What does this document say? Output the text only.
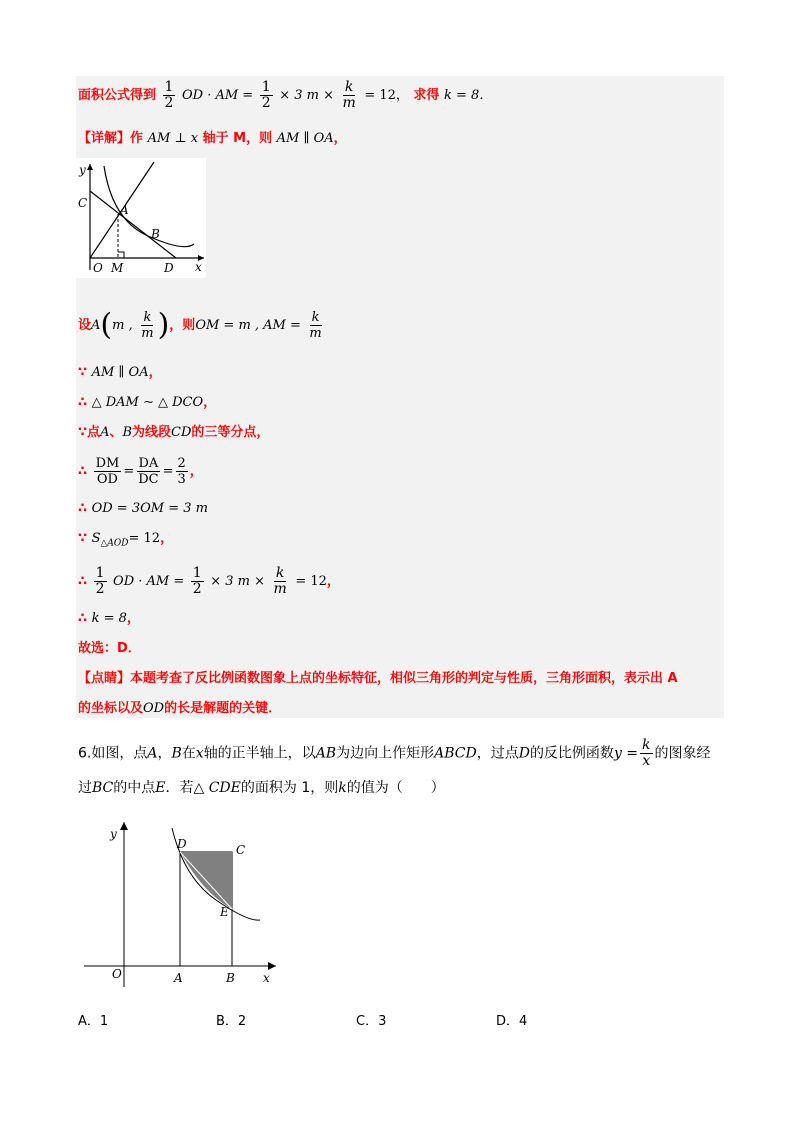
面积公式得到 $\frac{1}{2}$ OD · AM = $\frac{1}{2} \times 3$ $m \times \frac{k}{m} = 12$， 求得 k = 8．
【详解】作 AM ⊥ x 轴于 M，则 AM ∥ OA，
y
C	A
B
O M	D x
设A(m , $\frac{k}{m}$ )，则OM = m , AM = $\frac{k}{m}$
∵ AM ∥ OA，
∴ △ DAM ∼ △ DCO，
∵点A、B为线段CD的三等分点，
∴ $\frac{DM}{OD} = \frac{DA}{DC} = \frac{2}{3}$ ，
∴ OD = 3OM = 3 m
∵ $S_{\triangle AOD}= 12$，
∴ $\frac{1}{2}$ OD · AM = $\frac{1}{2} \times 3$ $m \times \frac{k}{m} = 12$，
∴ k = 8，
故选：D．
【点睛】本题考查了反比例函数图象上点的坐标特征，相似三角形的判定与性质，三角形面积，表示出 A
的坐标以及OD的长是解题的关键．
6.如图，点A，B在x轴的正半轴上，以AB为边向上作矩形ABCD，过点D的反比例函数$y = \frac{k}{x}$ 的图象经
过BC的中点E．若△ CDE的面积为 1，则k的值为（　　）
y
D	C
E
O	A	B x
A．1	B．2	C．3	D．4
